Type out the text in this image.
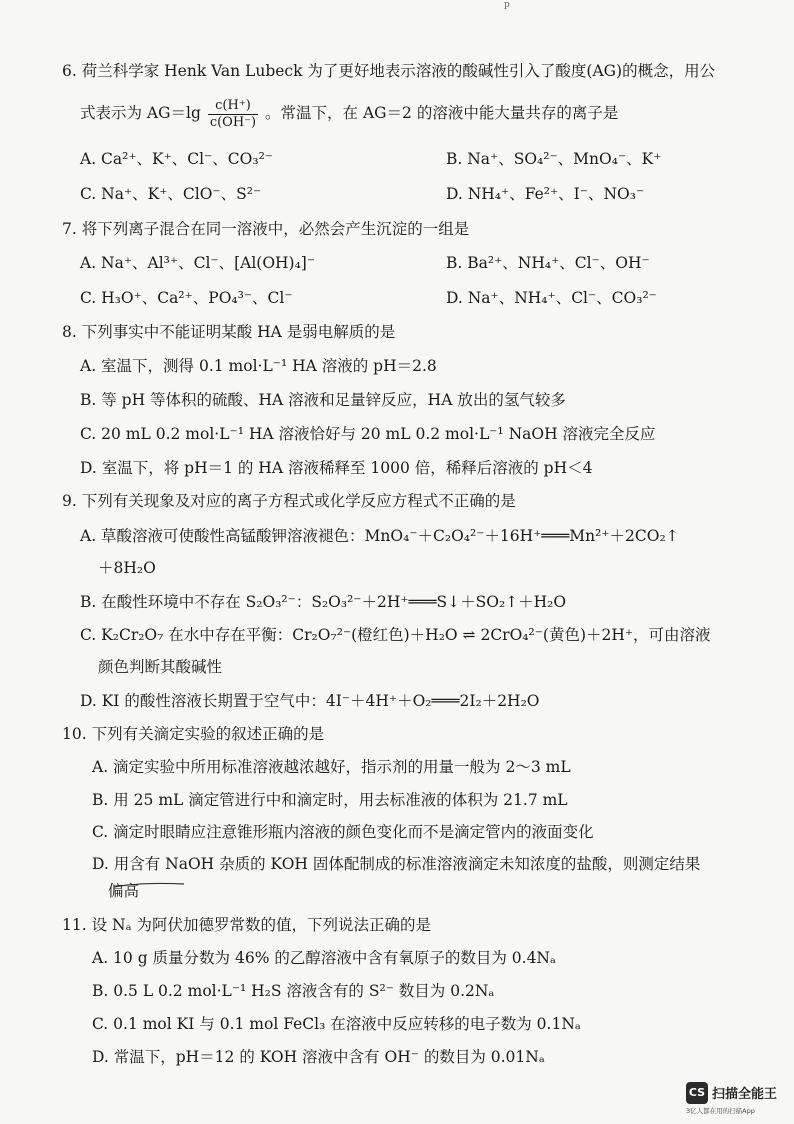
p
6. 荷兰科学家 Henk Van Lubeck 为了更好地表示溶液的酸碱性引入了酸度(AG)的概念，用公
式表示为 $AG=\lg \frac{c(H^+)}{c(OH^-)}$ 。常温下，在 AG＝2 的溶液中能大量共存的离子是
A. Ca²⁺、K⁺、Cl⁻、CO₃²⁻	B. Na⁺、SO₄²⁻、MnO₄⁻、K⁺
C. Na⁺、K⁺、ClO⁻、S²⁻	D. NH₄⁺、Fe²⁺、I⁻、NO₃⁻
7. 将下列离子混合在同一溶液中，必然会产生沉淀的一组是
A. Na⁺、Al³⁺、Cl⁻、[Al(OH)₄]⁻	B. Ba²⁺、NH₄⁺、Cl⁻、OH⁻
C. H₃O⁺、Ca²⁺、PO₄³⁻、Cl⁻	D. Na⁺、NH₄⁺、Cl⁻、CO₃²⁻
8. 下列事实中不能证明某酸 HA 是弱电解质的是
A. 室温下，测得 0.1 mol·L⁻¹ HA 溶液的 pH＝2.8
B. 等 pH 等体积的硫酸、HA 溶液和足量锌反应，HA 放出的氢气较多
C. 20 mL 0.2 mol·L⁻¹ HA 溶液恰好与 20 mL 0.2 mol·L⁻¹ NaOH 溶液完全反应
D. 室温下，将 pH＝1 的 HA 溶液稀释至 1000 倍，稀释后溶液的 pH＜4
9. 下列有关现象及对应的离子方程式或化学反应方程式不正确的是
A. 草酸溶液可使酸性高锰酸钾溶液褪色：MnO₄⁻＋C₂O₄²⁻＋16H⁺═══Mn²⁺＋2CO₂↑
＋8H₂O
B. 在酸性环境中不存在 S₂O₃²⁻：S₂O₃²⁻＋2H⁺═══S↓＋SO₂↑＋H₂O
C. K₂Cr₂O₇ 在水中存在平衡：Cr₂O₇²⁻(橙红色)＋H₂O ⇌ 2CrO₄²⁻(黄色)＋2H⁺，可由溶液
颜色判断其酸碱性
D. KI 的酸性溶液长期置于空气中：4I⁻＋4H⁺＋O₂═══2I₂＋2H₂O
10. 下列有关滴定实验的叙述正确的是
A. 滴定实验中所用标准溶液越浓越好，指示剂的用量一般为 2～3 mL
B. 用 25 mL 滴定管进行中和滴定时，用去标准液的体积为 21.7 mL
C. 滴定时眼睛应注意锥形瓶内溶液的颜色变化而不是滴定管内的液面变化
D. 用含有 NaOH 杂质的 KOH 固体配制成的标准溶液滴定未知浓度的盐酸，则测定结果
偏高
11. 设 Nₐ 为阿伏加德罗常数的值，下列说法正确的是
A. 10 g 质量分数为 46% 的乙醇溶液中含有氧原子的数目为 0.4Nₐ
B. 0.5 L 0.2 mol·L⁻¹ H₂S 溶液含有的 S²⁻ 数目为 0.2Nₐ
C. 0.1 mol KI 与 0.1 mol FeCl₃ 在溶液中反应转移的电子数为 0.1Nₐ
D. 常温下，pH＝12 的 KOH 溶液中含有 OH⁻ 的数目为 0.01Nₐ
CS 扫描全能王
3亿人都在用的扫描App
